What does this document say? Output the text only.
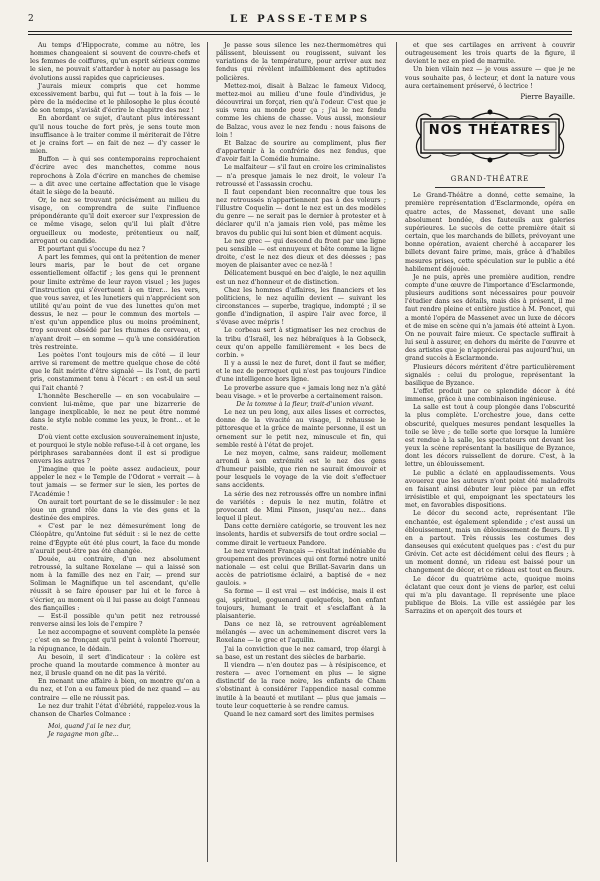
2	LE PASSE-TEMPS

Au temps d'Hippocrate, comme au nôtre, les hommes changeaient si souvent de couvre-chefs et les femmes de coiffures, qu'un esprit sérieux comme le sien, ne pouvait s'attarder à noter au passage les évolutions aussi rapides que capricieuses.

J'aurais mieux compris que cet homme excessivement barbu, qui fut — tout à la fois — le père de la médecine et le philosophe le plus écouté de son temps, s'avisât d'écrire le chapitre des nez !

En abordant ce sujet, d'autant plus intéressant qu'il nous touche de fort près, je sens toute mon insuffisance à le traiter comme il mériterait de l'être et je crains fort — en fait de nez — d'y casser le mien.

Buffon — à qui ses contemporains reprochaient d'écrire avec des manchettes, comme nous reprochons à Zola d'écrire en manches de chemise — a dit avec une certaine affectation que le visage était le siège de la beauté.

Or, le nez se trouvant précisément au milieu du visage, on comprendra de suite l'influence prépondérante qu'il doit exercer sur l'expression de ce même visage, selon qu'il lui plaît d'être orgueilleux ou modeste, prétentieux ou naïf, arrogant ou candide.

Et pourtant qui s'occupe du nez ?

A part les femmes, qui ont la prétention de mener leurs maris, par le bout de cet organe essentiellement olfactif ; les gens qui le prennent pour limite extrême de leur rayon visuel ; les juges d'instruction qui s'évertuent à en tirer... les vers, que vous savez, et les lunetiers qui n'apprécient son utilité qu'au point de vue des lunettes qu'on met dessus, le nez — pour le commun des mortels — n'est qu'un appendice plus ou moins proéminent, trop souvent obsédé par les rhumes de cerveau, et n'ayant droit — en somme — qu'à une considération très restreinte.

Les poètes l'ont toujours mis de côté — il leur arrive si rarement de mettre quelque chose de côté que le fait mérite d'être signalé — ils l'ont, de parti pris, constamment tenu à l'écart : en est-il un seul qui l'ait chanté ?

L'honnête Bescherelle — en son vocabulaire — convient lui-même, que par une bizarrerie de langage inexplicable, le nez ne peut être nommé dans le style noble comme les yeux, le front... et le reste.

D'où vient cette exclusion souverainement injuste, et pourquoi le style noble refuse-t-il à cet organe, les périphrases sarabannées dont il est si prodigue envers les autres ?

J'imagine que le poète assez audacieux, pour appeler le nez « le Temple de l'Odorat » verrait — à tout jamais — se fermer sur le sien, les portes de l'Académie !

On aurait tort pourtant de se le dissimuler : le nez joue un grand rôle dans la vie des gens et la destinée des empires.

« C'est par le nez démesurément long de Cléopâtre, qu'Antoine fut séduit : si le nez de cette reine d'Égypte eût été plus court, la face du monde n'aurait peut-être pas été changée.

Douée, au contraire, d'un nez absolument retroussé, la sultane Roxelane — qui a laissé son nom à la famille des nez en l'air, — prend sur Soliman le Magnifique un tel ascendant, qu'elle réussit à se faire épouser par lui et le force à s'écrier, au moment où il lui passe au doigt l'anneau des fiançailles :

— Est-il possible qu'un petit nez retroussé renverse ainsi les lois de l'empire ?

Le nez accompagne et souvent complète la pensée ; c'est en se fronçant qu'il peint à volonté l'horreur, la répugnance, le dédain.

Au besoin, il sert d'indicateur : la colère est proche quand la moutarde commence à monter au nez, il brusle quand on ne dit pas la vérité.

En menant une affaire à bien, on montre qu'on a du nez, et l'on a eu fameux pied de nez quand — au contraire — elle ne réussit pas.

Le nez dur trahit l'état d'ébriété, rappelez-vous la chanson de Charles Colmance :

Moi, quand j'ai le nez dur,
Je ragagne mon gîte...

Je passe sous silence les nez-thermomètres qui pâlissent, bleuissent ou rougissent, suivant les variations de la température, pour arriver aux nez fendus qui révèlent infailliblement des aptitudes policières.

Mettez-moi, disait à Balzac le fameux Vidocq, mettez-moi au milieu d'une foule d'individus, je découvrirai un forçat, rien qu'à l'odeur. C'est que je suis venu au monde pour ça ; j'ai le nez fendu comme les chiens de chasse. Vous aussi, monsieur de Balzac, vous avez le nez fendu : nous faisons de loin !

Et Balzac de sourire au compliment, plus fier d'appartenir à la confrérie des nez fendus, que d'avoir fait la Comédie humaine.

Le malfaiteur — s'il faut en croire les criminalistes — n'a presque jamais le nez droit, le voleur l'a retroussé et l'assassin crochu.

Il faut cependant bien reconnaître que tous les nez retroussés n'appartiennent pas à des voleurs ; l'illustre Coquelin — dont le nez est un des modèles du genre — ne serait pas le dernier à protester et à déclarer qu'il n'a jamais rien volé, pas même les bravos du public qui lui sont bien et dûment acquis.

Le nez grec — qui descend du front par une ligne peu sensible — est ennuyeux et bête comme la ligne droite, c'est le nez des dieux et des déesses ; pas moyen de plaisanter avec ce nez-là !

Délicatement busqué en bec d'aigle, le nez aquilin est un nez d'honneur et de distinction.

Chez les hommes d'affaires, les financiers et les politiciens, le nez aquilin devient — suivant les circonstances — superbe, tragique, indompté ; il se gonfle d'indignation, il aspire l'air avec force, il s'évase avec mépris !

Le corbeau sert à stigmatiser les nez crochus de la tribu d'Israël, les nez hébraïques à la Gobseck, ceux qu'on appelle familièrement « les becs de corbin. »

Il y a aussi le nez de furet, dont il faut se méfier, et le nez de perroquet qui n'est pas toujours l'indice d'une intelligence hors ligne.

Le proverbe assure que « jamais long nez n'a gâté beau visage. » et le proverbe a certainement raison.

De la tomme à la fleur, trait-d'union vivant.

Le nez un peu long, aux ailes lisses et correctes, donne de la vivacité au visage, il rehausse le pittoresque et la grâce de mainte personne, il est un ornement sur le petit nez, minuscule et fin, qui semble resté à l'état de projet.

Le nez moyen, calme, sans raideur, mollement arrondi à son extrémité est le nez des gens d'humeur paisible, que rien ne saurait émouvoir et pour lesquels le voyage de la vie doit s'effectuer sans accidents.

La série des nez retroussés offre un nombre infini de variétés : depuis le nez mutin, folâtre et provocant de Mimi Pinson, jusqu'au nez... dans lequel il pleut.

Dans cette dernière catégorie, se trouvent les nez insolents, hardis et subversifs de tout ordre social — comme dirait le vertueux Pandore.

Le nez vraiment Français — résultat indéniable du groupement des provinces qui ont formé notre unité nationale — est celui que Brillat-Savarin dans un accès de patriotisme éclairé, a baptisé de « nez gaulois. »

Sa forme — il est vrai — est indécise, mais il est gai, spirituel, goguenard quelquefois, bon enfant toujours, humant le trait et s'esclaffant à la plaisanterie.

Dans ce nez là, se retrouvent agréablement mélangés — avec un acheminement discret vers la Roxelane — le grec et l'aquilin.

J'ai la conviction que le nez camard, trop élargi à sa base, est un restant des siècles de barbarie.

Il viendra — n'en doutez pas — à résipiscence, et restera — avec l'ornement en plus — le signe distinctif de la race noire, les enfants de Cham s'obstinant à considérer l'appendice nasal comme inutile à la beauté et mutilant — plus que jamais — toute leur coquetterie à se rendre camus.

Quand le nez camard sort des limites permises

et que ses cartilages en arrivent à couvrir outrageusement les trois quarts de la figure, il devient le nez en pied de marmite.

Un bien vilain nez — je vous assure — que je ne vous souhaite pas, ô lecteur, et dont la nature vous aura certainement préservé, ô lectrice !

Pierre Bayaille.
NOS THÉATRES
GRAND-THÉATRE

Le Grand-Théâtre a donné, cette semaine, la première représentation d'Esclarmonde, opéra en quatre actes, de Massenet, devant une salle absolument bondée, des fauteuils aux galeries supérieures. Le succès de cette première était si certain, que les marchands de billets, prévoyant une bonne opération, avaient cherché à accaparer les billets devant faire prime, mais, grâce à d'habiles mesures prises, cette spéculation sur le public a été habilement déjouée.

Je ne puis, après une première audition, rendre compte d'une œuvre de l'importance d'Esclarmonde, plusieurs auditions sont nécessaires pour pouvoir l'étudier dans ses détails, mais dès à présent, il me faut rendre pleine et entière justice à M. Poncet, qui a monté l'opéra de Massenet avec un luxe de décors et de mise en scène qui n'a jamais été atteint à Lyon. On ne pouvait faire mieux. Ce spectacle suffirait à lui seul à assurer, en dehors du mérite de l'œuvre et des artistes que je n'apprécierai pas aujourd'hui, un grand succès à Esclarmonde.

Plusieurs décors méritent d'être particulièrement signalés : celui du prologue, représentant la basilique de Byzance.

L'effet produit par ce splendide décor à été immense, grâce à une combinaison ingénieuse.

La salle est tout à coup plongée dans l'obscurité la plus complète. L'orchestre joue, dans cette obscurité, quelques mesures pendant lesquelles la toile se lève ; de telle sorte que lorsque la lumière est rendue à la salle, les spectateurs ont devant les yeux la scène représentant la basilique de Byzance, dont les décors ruissellent de dorure. C'est, à la lettre, un éblouissement.

Le public a éclaté en applaudissements. Vous avouerez que les auteurs n'ont point été maladroits en faisant ainsi débuter leur pièce par un effet irrésistible et qui, empoignant les spectateurs les met, en favorables dispositions.

Le décor du second acte, représentant l'île enchantée, est également splendide ; c'est aussi un éblouissement, mais un éblouissement de fleurs. Il y en a partout. Très réussis les costumes des danseuses qui exécutent quelques pas : c'est du pur Grévin. Cet acte est décidément celui des fleurs ; à un moment donné, un rideau est baissé pour un changement de décor, et ce rideau est tout en fleurs.

Le décor du quatrième acte, quoique moins éclatant que ceux dont je viens de parler, est celui qui m'a plu davantage. Il représente une place publique de Blois. La ville est assiégée par les Sarrazins et on aperçoit des tours et
